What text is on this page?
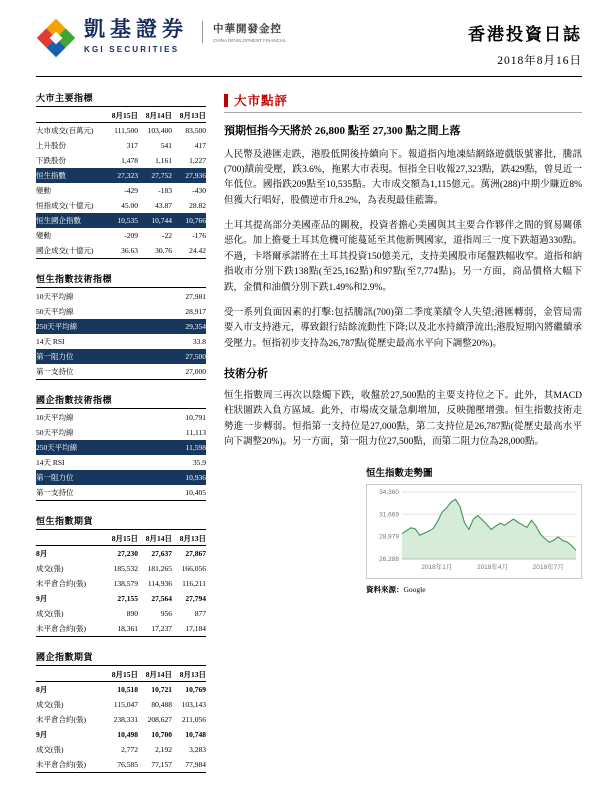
凱基證券
KGI SECURITIES
中華開發金控
CHINA DEVELOPMENT FINANCIAL	香港投資日誌
2018年8月16日
大市主要指標
	8月15日	8月14日	8月13日
大市成交(百萬元)	111,500	103,400	83,500
上升股份	317	541	417
下跌股份	1,478	1,161	1,227
恒生指數	27,323	27,752	27,936
變動	-429	-183	-430
恒指成交(十億元)	45.00	43.87	28.82
恒生國企指數	10,535	10,744	10,766
變動	-209	-22	-176
國企成交(十億元)	36.63	30.76	24.42
恒生指數技術指標
10天平均線	27,981
50天平均線	28,917
250天平均線	29,354
14天 RSI	33.8
第一阻力位	27,500
第一支持位	27,000
國企指數技術指標
10天平均線	10,791
50天平均線	11,113
250天平均線	11,598
14天 RSI	35.9
第一阻力位	10,936
第一支持位	10,405
恒生指數期貨
	8月15日	8月14日	8月13日
8月	27,230	27,637	27,867
成交(張)	185,532	181,265	166,056
未平倉合約(張)	138,579	114,936	116,211
9月	27,155	27,564	27,794
成交(張)	890	956	877
未平倉合約(張)	18,361	17,237	17,184
國企指數期貨
	8月15日	8月14日	8月13日
8月	10,518	10,721	10,769
成交(張)	115,047	80,488	103,143
未平倉合約(張)	238,331	208,627	211,056
9月	10,498	10,700	10,748
成交(張)	2,772	2,192	3,283
未平倉合約(張)	76,585	77,157	77,984
大市點評

預期恒指今天將於 26,800 點至 27,300 點之間上落

人民幣及港匯走跌，港股低開後持續向下。報道指內地凍結網絡遊戲版號審批，騰訊(700)績前受壓，跌3.6%，拖累大市表現。恒指全日收報27,323點，跌429點，曾見近一年低位。國指跌209點至10,535點。大市成交額為1,115億元。萬洲(288)中期少賺近8%但獲大行唱好，股價逆市升8.2%，為表現最佳藍籌。

土耳其提高部分美國產品的關稅，投資者擔心美國與其主要合作夥伴之間的貿易關係惡化。加上擔憂土耳其危機可能蔓延至其他新興國家，道指周三一度下跌超過330點。不過，卡塔爾承諾將在土耳其投資150億美元，支持美國股市尾盤跌幅收窄。道指和納指收市分別下跌138點(至25,162點)和97點(至7,774點)。另一方面，商品價格大幅下跌，金價和油價分別下跌1.49%和2.9%。

受一系列負面因素的打擊:包括騰訊(700)第二季度業績令人失望;港匯轉弱，金管局需要入市支持港元，導致銀行結餘流動性下降;以及北水持續淨流出;港股短期內將繼續承受壓力。恒指初步支持為26,787點(從歷史最高水平向下調整20%)。

技術分析

恒生指數周三再次以陰燭下跌，收盤於27,500點的主要支持位之下。此外，其MACD柱狀圖跌入負方區域。此外，市場成交量急劇增加，反映拋壓增強。恒生指數技術走勢進一步轉弱。恒指第一支持位是27,000點，第二支持位是26,787點(從歷史最高水平向下調整20%)。另一方面，第一阻力位27,500點，而第二阻力位為28,000點。

恒生指數走勢圖
34,360
31,669
28,979
26,288
2018年1月	2018年4月	2018年7月
資料來源：Google
